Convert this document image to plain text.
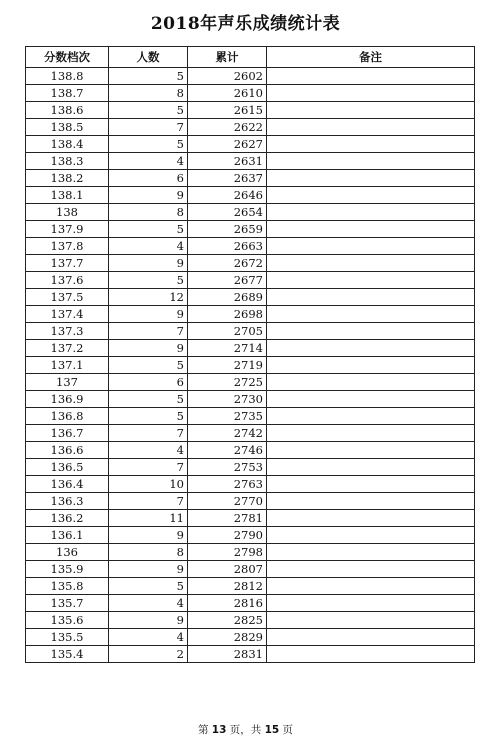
2018年声乐成绩统计表
分数档次	人数	累计	备注
138.8	5	2602	
138.7	8	2610	
138.6	5	2615	
138.5	7	2622	
138.4	5	2627	
138.3	4	2631	
138.2	6	2637	
138.1	9	2646	
138	8	2654	
137.9	5	2659	
137.8	4	2663	
137.7	9	2672	
137.6	5	2677	
137.5	12	2689	
137.4	9	2698	
137.3	7	2705	
137.2	9	2714	
137.1	5	2719	
137	6	2725	
136.9	5	2730	
136.8	5	2735	
136.7	7	2742	
136.6	4	2746	
136.5	7	2753	
136.4	10	2763	
136.3	7	2770	
136.2	11	2781	
136.1	9	2790	
136	8	2798	
135.9	9	2807	
135.8	5	2812	
135.7	4	2816	
135.6	9	2825	
135.5	4	2829	
135.4	2	2831	
第 13 页，共 15 页
